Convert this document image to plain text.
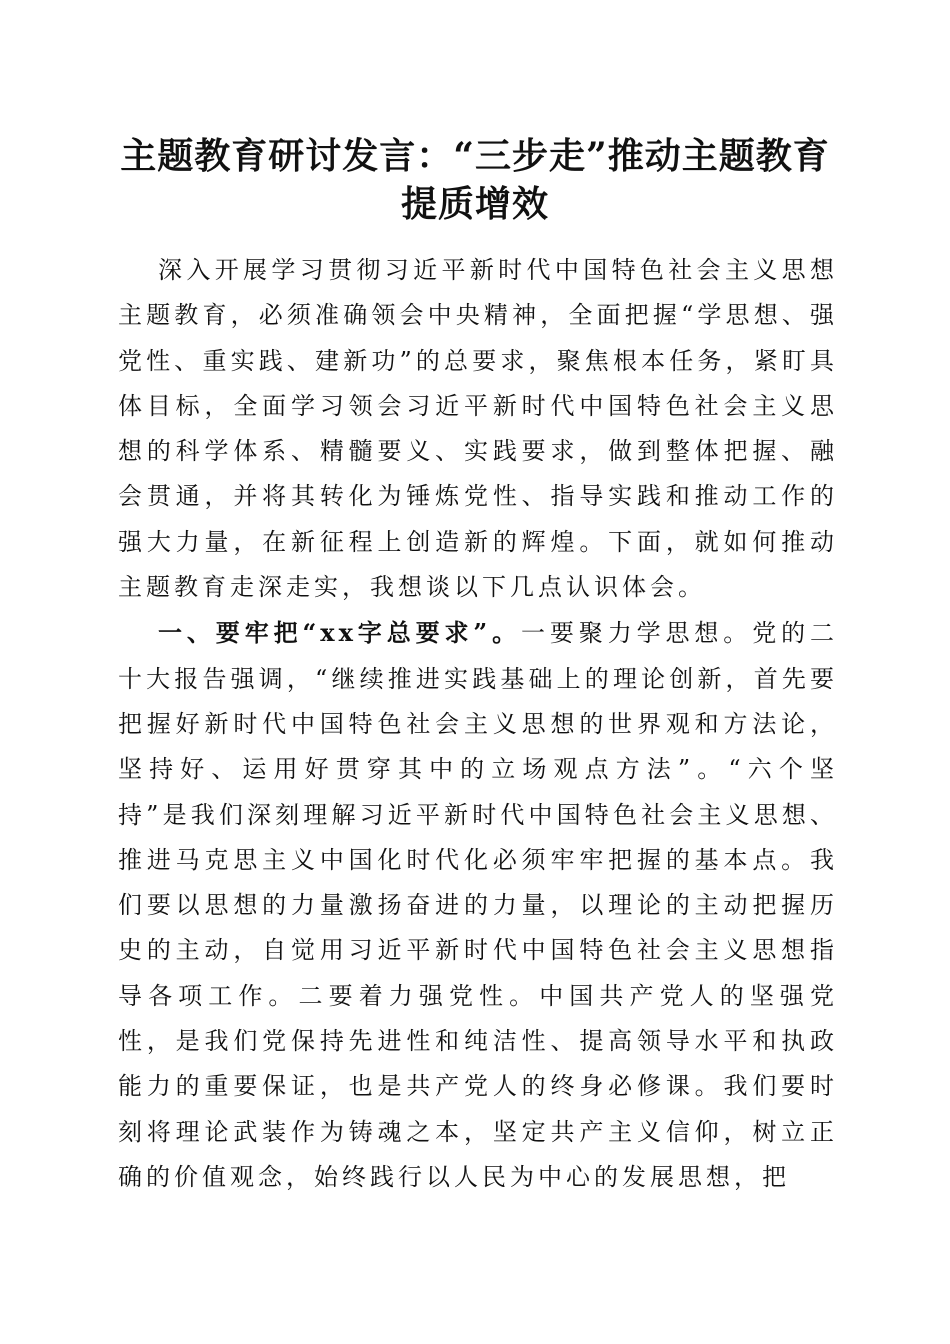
主题教育研讨发言：“三步走”推动主题教育
提质增效

深入开展学习贯彻习近平新时代中国特色社会主义思想主题教育，必须准确领会中央精神，全面把握“学思想、强党性、重实践、建新功”的总要求，聚焦根本任务，紧盯具体目标，全面学习领会习近平新时代中国特色社会主义思想的科学体系、精髓要义、实践要求，做到整体把握、融会贯通，并将其转化为锤炼党性、指导实践和推动工作的强大力量，在新征程上创造新的辉煌。下面，就如何推动主题教育走深走实，我想谈以下几点认识体会。

一、要牢把“xx字总要求”。一要聚力学思想。党的二十大报告强调，“继续推进实践基础上的理论创新，首先要把握好新时代中国特色社会主义思想的世界观和方法论，坚持好、运用好贯穿其中的立场观点方法”。“六个坚持”是我们深刻理解习近平新时代中国特色社会主义思想、推进马克思主义中国化时代化必须牢牢把握的基本点。我们要以思想的力量激扬奋进的力量，以理论的主动把握历史的主动，自觉用习近平新时代中国特色社会主义思想指导各项工作。二要着力强党性。中国共产党人的坚强党性，是我们党保持先进性和纯洁性、提高领导水平和执政能力的重要保证，也是共产党人的终身必修课。我们要时刻将理论武装作为铸魂之本，坚定共产主义信仰，树立正确的价值观念，始终践行以人民为中心的发展思想，把
